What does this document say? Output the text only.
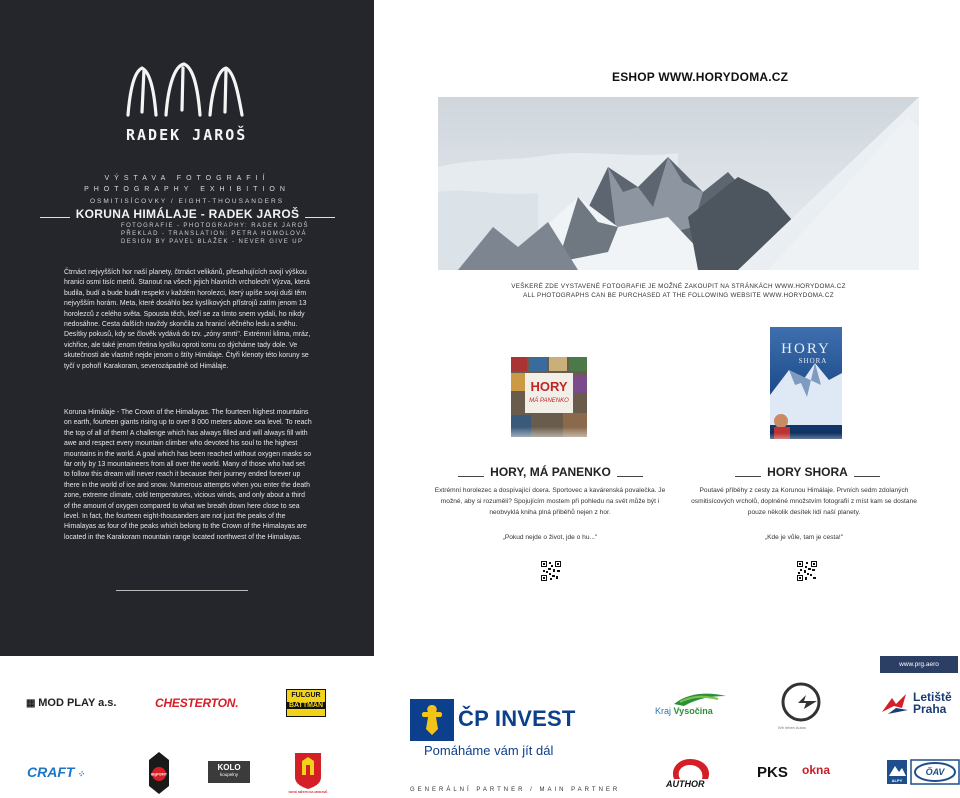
RADEK JAROŠ
VÝSTAVA FOTOGRAFIÍ
PHOTOGRAPHY EXHIBITION
OSMITISÍCOVKY / EIGHT-THOUSANDERS
KORUNA HIMÁLAJE - RADEK JAROŠ
FOTOGRAFIE - PHOTOGRAPHY: RADEK JAROŠ
PŘEKLAD - TRANSLATION: PETRA HOMOLOVÁ
DESIGN BY PAVEL BLAŽEK - NEVER GIVE UP

Čtrnáct nejvyšších hor naší planety, čtrnáct velikánů, přesahujících svojí výškou hranici osmi tisíc metrů. Stanout na všech jejich hlavních vrcholech! Výzva, která budila, budí a bude budit respekt v každém horolezci, který upíše svoji duši těm nejvyšším horám. Meta, které dosáhlo bez kyslíkových přístrojů zatím jenom 13 horolezců z celého světa. Spousta těch, kteří se za tímto snem vydali, ho nikdy nedosáhne. Cesta dalších navždy skončila za hranicí věčného ledu a sněhu. Desítky pokusů, kdy se člověk vydává do tzv. „zóny smrti". Extrémní klima, mráz, vichřice, ale také jenom třetina kyslíku oproti tomu co dýcháme tady dole. Ve skutečnosti ale vlastně nejde jenom o štíty Himálaje. Čtyři klenoty této koruny se tyčí v pohoří Karakoram, severozápadně od Himálaje.

Koruna Himálaje - The Crown of the Himalayas. The fourteen highest mountains on earth, fourteen giants rising up to over 8 000 meters above sea level. To reach the top of all of them! A challenge which has always filled and will always fill with awe and respect every mountain climber who devoted his soul to the highest mountains in the world. A goal which has been reached without oxygen masks so far only by 13 mountaineers from all over the world. Many of those who had set to follow this dream will never reach it because their journey ended forever up there in the world of ice and snow. Numerous attempts when you enter the death zone, extreme climate, cold temperatures, vicious winds, and only about a third of the amount of oxygen compared to what we breath down here close to sea level. In fact, the fourteen eight-thousanders are not just the peaks of the Himalayas as four of the peaks which belong to the Crown of the Himalayas are located in the Karakoram mountain range located northwest of the Himalayas.

ESHOP WWW.HORYDOMA.CZ
VEŠKERÉ ZDE VYSTAVENÉ FOTOGRAFIE JE MOŽNÉ ZAKOUPIT NA STRÁNKÁCH WWW.HORYDOMA.CZ
ALL PHOTOGRAPHS CAN BE PURCHASED AT THE FOLLOWING WEBSITE WWW.HORYDOMA.CZ
HORY
MÁ PANENKO
HORY
SHORA
HORY, MÁ PANENKO	HORY SHORA

Extrémní horolezec a dospívající dcera. Sportovec a kavárenská povalečka. Je možné, aby si rozuměli? Spojujícím mostem při pohledu na svět může být i neobvyklá kniha plná přiběhů nejen z hor.

Poutavé příběhy z cesty za Korunou Himálaje. Prvních sedm zdolaných osmitisícových vrcholů, doplněné množstvím fotografií z míst kam se dostane pouze několik desítek lidí naší planety.

„Pokud nejde o život, jde o hu..."	„Kde je vůle, tam je cesta!"
www.prg.aero
▦ MOD PLAY a.s.	CHESTERTON.
FULGUR
BATTMAN
CRAFT ⁘	BigPOINT
KOLO
koupelny
NOVÉ MĚSTO NA MORAVĚ
ČP INVEST
Pomáháme vám jít dál
GENERÁLNÍ PARTNER / MAIN PARTNER
Kraj Vysočina
Wir leben Autos
Letiště
Praha
AUTHOR
PKS okna
ALPY
ÖAV
